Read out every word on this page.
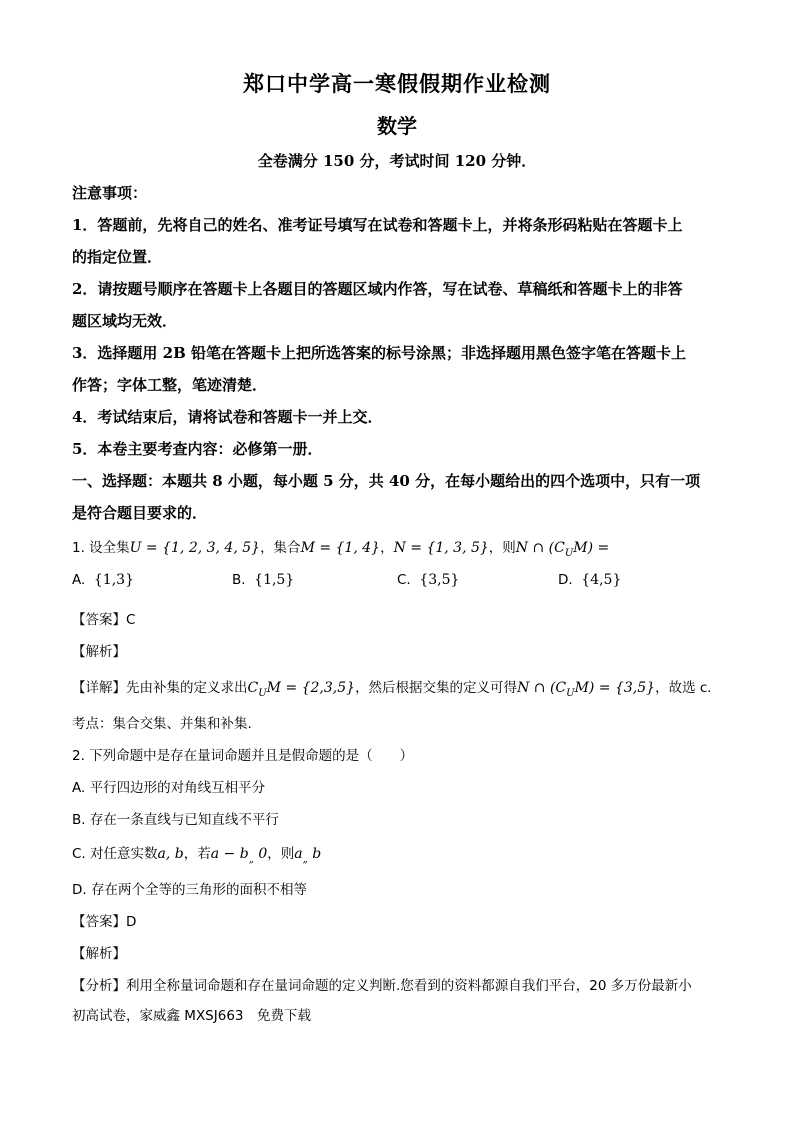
郑口中学高一寒假假期作业检测
数学
全卷满分 150 分，考试时间 120 分钟．
注意事项：
1．答题前，先将自己的姓名、准考证号填写在试卷和答题卡上，并将条形码粘贴在答题卡上
的指定位置．
2．请按题号顺序在答题卡上各题目的答题区域内作答，写在试卷、草稿纸和答题卡上的非答
题区域均无效．
3．选择题用 2B 铅笔在答题卡上把所选答案的标号涂黑；非选择题用黑色签字笔在答题卡上
作答；字体工整，笔迹清楚．
4．考试结束后，请将试卷和答题卡一并上交．
5．本卷主要考查内容：必修第一册．
一、选择题：本题共 8 小题，每小题 5 分，共 40 分，在每小题给出的四个选项中，只有一项
是符合题目要求的．
1. 设全集U = {1, 2, 3, 4, 5}，集合M = {1, 4}，N = {1, 3, 5}，则N ∩ $(C_UM)$ =
A. {1,3}	B. {1,5}	C. {3,5}	D. {4,5}
【答案】C
【解析】
【详解】先由补集的定义求出$C_UM = \{2,3,5\}$，然后根据交集的定义可得N ∩ $(C_UM) = \{3,5\}$，故选 c．
考点：集合交集、并集和补集.
2. 下列命题中是存在量词命题并且是假命题的是（　　）
A. 平行四边形的对角线互相平分
B. 存在一条直线与已知直线不平行
C. 对任意实数a, b，若$a - b_„$ 0，则$a_„$ b
D. 存在两个全等的三角形的面积不相等
【答案】D
【解析】
【分析】利用全称量词命题和存在量词命题的定义判断.您看到的资料都源自我们平台，20 多万份最新小
初高试卷，家威鑫 MXSJ663　免费下载
